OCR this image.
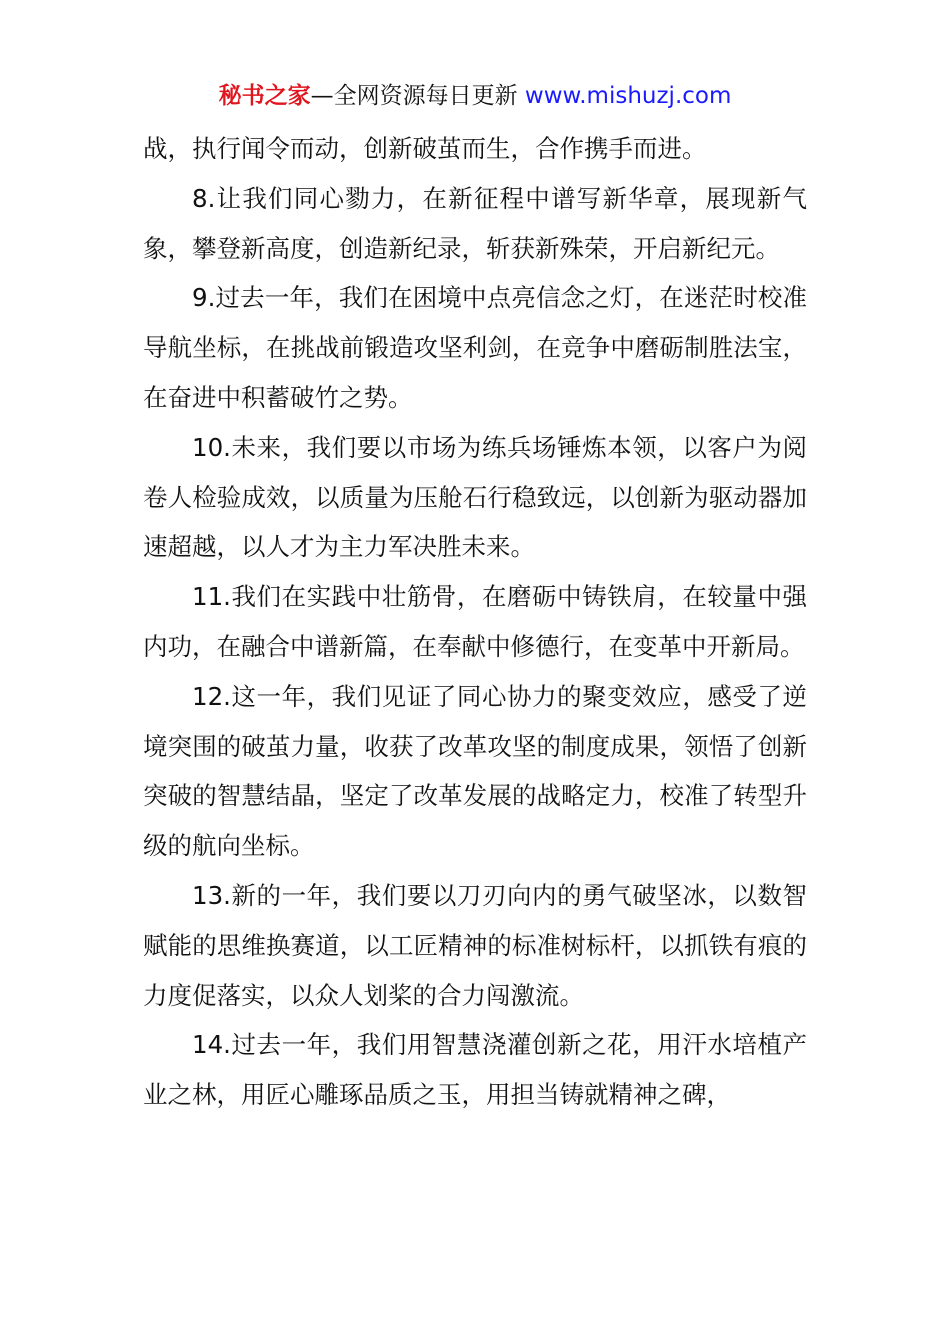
秘书之家—全网资源每日更新 www.mishuzj.com

战，执行闻令而动，创新破茧而生，合作携手而进。

8.让我们同心勠力，在新征程中谱写新华章，展现新气象，攀登新高度，创造新纪录，斩获新殊荣，开启新纪元。

9.过去一年，我们在困境中点亮信念之灯，在迷茫时校准导航坐标，在挑战前锻造攻坚利剑，在竞争中磨砺制胜法宝，在奋进中积蓄破竹之势。

10.未来，我们要以市场为练兵场锤炼本领，以客户为阅卷人检验成效，以质量为压舱石行稳致远，以创新为驱动器加速超越，以人才为主力军决胜未来。

11.我们在实践中壮筋骨，在磨砺中铸铁肩，在较量中强内功，在融合中谱新篇，在奉献中修德行，在变革中开新局。

12.这一年，我们见证了同心协力的聚变效应，感受了逆境突围的破茧力量，收获了改革攻坚的制度成果，领悟了创新突破的智慧结晶，坚定了改革发展的战略定力，校准了转型升级的航向坐标。

13.新的一年，我们要以刀刃向内的勇气破坚冰，以数智赋能的思维换赛道，以工匠精神的标准树标杆，以抓铁有痕的力度促落实，以众人划桨的合力闯激流。

14.过去一年，我们用智慧浇灌创新之花，用汗水培植产业之林，用匠心雕琢品质之玉，用担当铸就精神之碑，
